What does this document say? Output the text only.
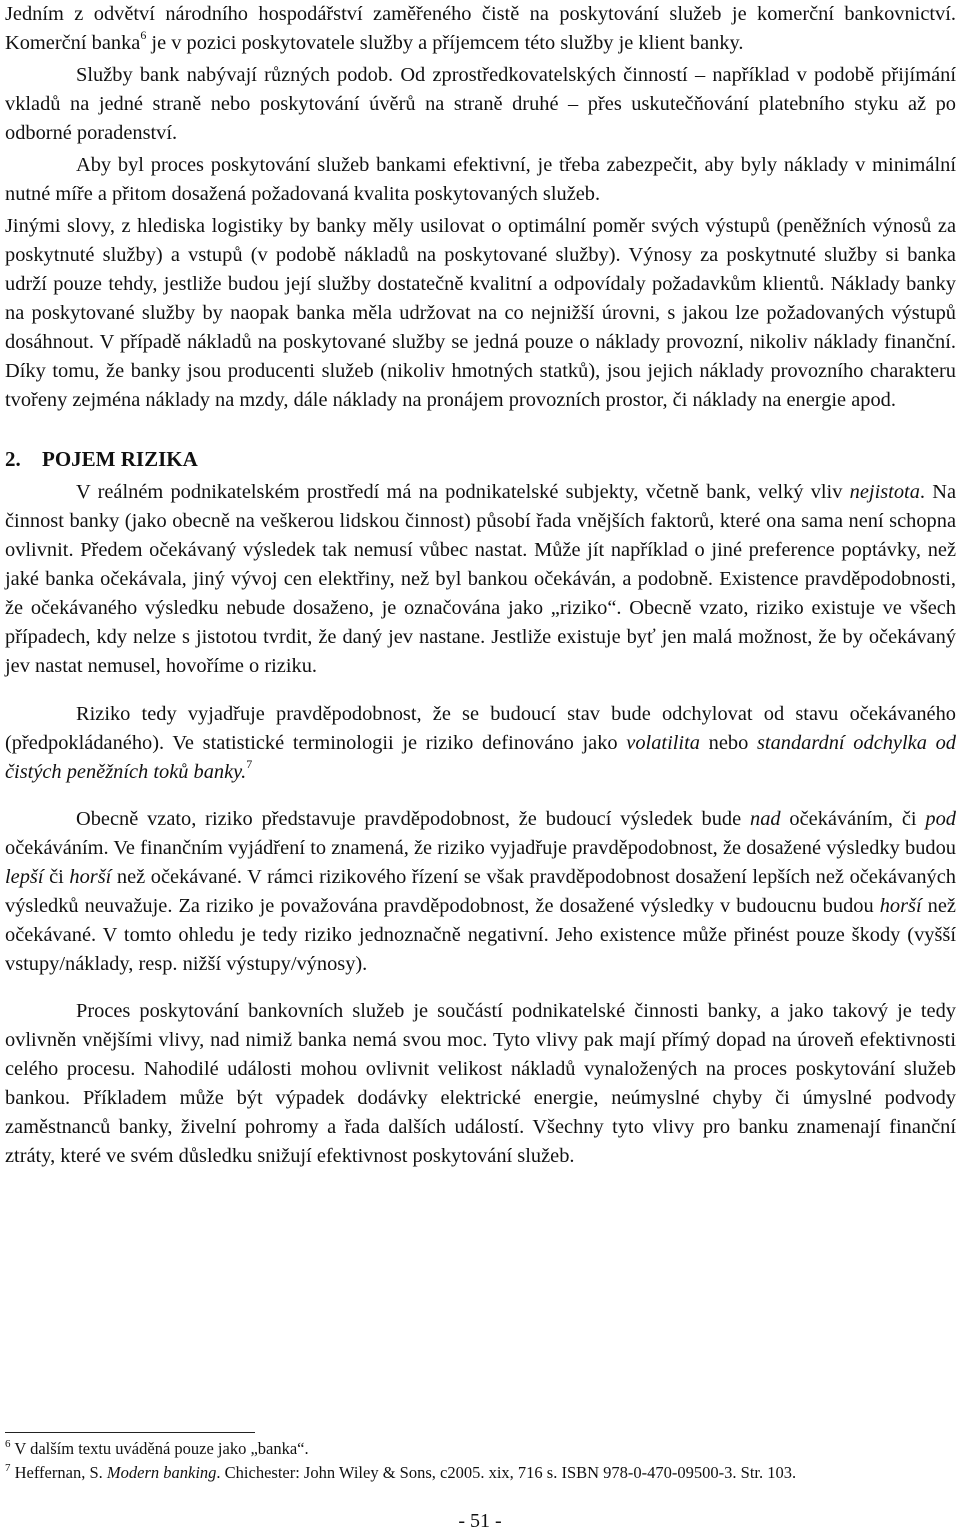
Jedním z odvětví národního hospodářství zaměřeného čistě na poskytování služeb je komerční bankovnictví. Komerční banka$^6$ je v pozici poskytovatele služby a příjemcem této služby je klient banky.

Služby bank nabývají různých podob. Od zprostředkovatelských činností – například v podobě přijímání vkladů na jedné straně nebo poskytování úvěrů na straně druhé – přes uskutečňování platebního styku až po odborné poradenství.

Aby byl proces poskytování služeb bankami efektivní, je třeba zabezpečit, aby byly náklady v minimální nutné míře a přitom dosažená požadovaná kvalita poskytovaných služeb.

Jinými slovy, z hlediska logistiky by banky měly usilovat o optimální poměr svých výstupů (peněžních výnosů za poskytnuté služby) a vstupů (v podobě nákladů na poskytované služby). Výnosy za poskytnuté služby si banka udrží pouze tehdy, jestliže budou její služby dostatečně kvalitní a odpovídaly požadavkům klientů. Náklady banky na poskytované služby by naopak banka měla udržovat na co nejnižší úrovni, s jakou lze požadovaných výstupů dosáhnout. V případě nákladů na poskytované služby se jedná pouze o náklady provozní, nikoliv náklady finanční. Díky tomu, že banky jsou producenti služeb (nikoliv hmotných statků), jsou jejich náklady provozního charakteru tvořeny zejména náklady na mzdy, dále náklady na pronájem provozních prostor, či náklady na energie apod.

2. POJEM RIZIKA

V reálném podnikatelském prostředí má na podnikatelské subjekty, včetně bank, velký vliv nejistota. Na činnost banky (jako obecně na veškerou lidskou činnost) působí řada vnějších faktorů, které ona sama není schopna ovlivnit. Předem očekávaný výsledek tak nemusí vůbec nastat. Může jít například o jiné preference poptávky, než jaké banka očekávala, jiný vývoj cen elektřiny, než byl bankou očekáván, a podobně. Existence pravděpodobnosti, že očekávaného výsledku nebude dosaženo, je označována jako „riziko“. Obecně vzato, riziko existuje ve všech případech, kdy nelze s jistotou tvrdit, že daný jev nastane. Jestliže existuje byť jen malá možnost, že by očekávaný jev nastat nemusel, hovoříme o riziku.

Riziko tedy vyjadřuje pravděpodobnost, že se budoucí stav bude odchylovat od stavu očekávaného (předpokládaného). Ve statistické terminologii je riziko definováno jako volatilita nebo standardní odchylka od čistých peněžních toků banky.$^7$

Obecně vzato, riziko představuje pravděpodobnost, že budoucí výsledek bude nad očekáváním, či pod očekáváním. Ve finančním vyjádření to znamená, že riziko vyjadřuje pravděpodobnost, že dosažené výsledky budou lepší či horší než očekávané. V rámci rizikového řízení se však pravděpodobnost dosažení lepších než očekávaných výsledků neuvažuje. Za riziko je považována pravděpodobnost, že dosažené výsledky v budoucnu budou horší než očekávané. V tomto ohledu je tedy riziko jednoznačně negativní. Jeho existence může přinést pouze škody (vyšší vstupy/náklady, resp. nižší výstupy/výnosy).

Proces poskytování bankovních služeb je součástí podnikatelské činnosti banky, a jako takový je tedy ovlivněn vnějšími vlivy, nad nimiž banka nemá svou moc. Tyto vlivy pak mají přímý dopad na úroveň efektivnosti celého procesu. Nahodilé události mohou ovlivnit velikost nákladů vynaložených na proces poskytování služeb bankou. Příkladem může být výpadek dodávky elektrické energie, neúmyslné chyby či úmyslné podvody zaměstnanců banky, živelní pohromy a řada dalších událostí. Všechny tyto vlivy pro banku znamenají finanční ztráty, které ve svém důsledku snižují efektivnost poskytování služeb.

$^6$ V dalším textu uváděná pouze jako „banka“.
$^7$ Heffernan, S. Modern banking. Chichester: John Wiley & Sons, c2005. xix, 716 s. ISBN 978-0-470-09500-3. Str. 103.
- 51 -
